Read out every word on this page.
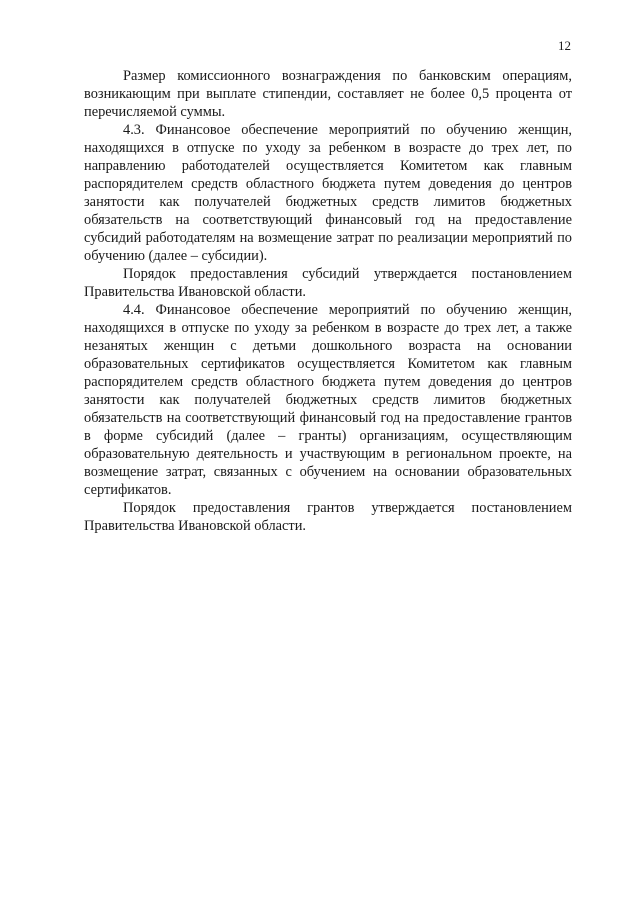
12

Размер комиссионного вознаграждения по банковским операциям, возникающим при выплате стипендии, составляет не более 0,5 процента от перечисляемой суммы.

4.3. Финансовое обеспечение мероприятий по обучению женщин, находящихся в отпуске по уходу за ребенком в возрасте до трех лет, по направлению работодателей осуществляется Комитетом как главным распорядителем средств областного бюджета путем доведения до центров занятости как получателей бюджетных средств лимитов бюджетных обязательств на соответствующий финансовый год на предоставление субсидий работодателям на возмещение затрат по реализации мероприятий по обучению (далее – субсидии).

Порядок предоставления субсидий утверждается постановлением Правительства Ивановской области.

4.4. Финансовое обеспечение мероприятий по обучению женщин, находящихся в отпуске по уходу за ребенком в возрасте до трех лет, а также незанятых женщин с детьми дошкольного возраста на основании образовательных сертификатов осуществляется Комитетом как главным распорядителем средств областного бюджета путем доведения до центров занятости как получателей бюджетных средств лимитов бюджетных обязательств на соответствующий финансовый год на предоставление грантов в форме субсидий (далее – гранты) организациям, осуществляющим образовательную деятельность и участвующим в региональном проекте, на возмещение затрат, связанных с обучением на основании образовательных сертификатов.

Порядок предоставления грантов утверждается постановлением Правительства Ивановской области.
